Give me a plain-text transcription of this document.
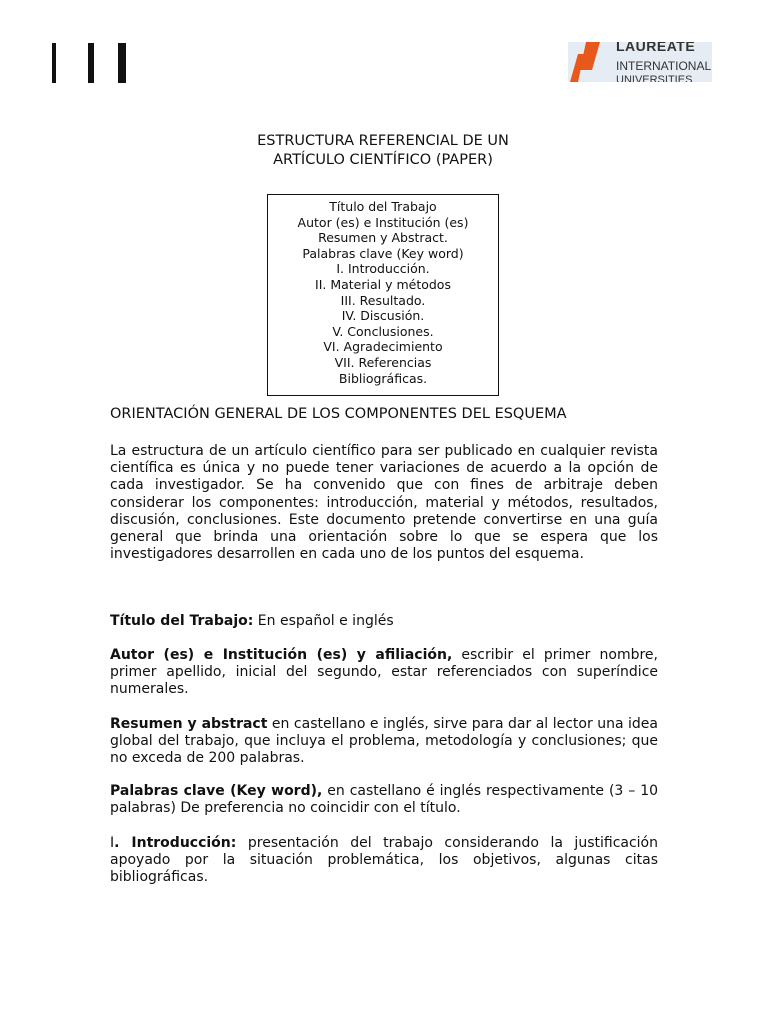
LAUREATE
INTERNATIONAL
UNIVERSITIES
ESTRUCTURA REFERENCIAL DE UN
ARTÍCULO CIENTÍFICO (PAPER)
Título del Trabajo
Autor (es) e Institución (es)
Resumen y Abstract.
Palabras clave (Key word)
I. Introducción.
II. Material y métodos
III. Resultado.
IV. Discusión.
V. Conclusiones.
VI. Agradecimiento
VII. Referencias
Bibliográficas.
ORIENTACIÓN GENERAL DE LOS COMPONENTES DEL ESQUEMA
La estructura de un artículo científico para ser publicado en cualquier revista científica es única y no puede tener variaciones de acuerdo a la opción de cada investigador. Se ha convenido que con fines de arbitraje deben considerar los componentes: introducción, material y métodos, resultados, discusión, conclusiones. Este documento pretende convertirse en una guía general que brinda una orientación sobre lo que se espera que los investigadores desarrollen en cada uno de los puntos del esquema.
Título del Trabajo: En español e inglés
Autor (es) e Institución (es) y afiliación, escribir el primer nombre, primer apellido, inicial del segundo, estar referenciados con superíndice numerales.
Resumen y abstract en castellano e inglés, sirve para dar al lector una idea global del trabajo, que incluya el problema, metodología y conclusiones; que no exceda de 200 palabras.
Palabras clave (Key word), en castellano é inglés respectivamente (3 – 10 palabras) De preferencia no coincidir con el título.
I. Introducción: presentación del trabajo considerando la justificación apoyado por la situación problemática, los objetivos, algunas citas bibliográficas.
